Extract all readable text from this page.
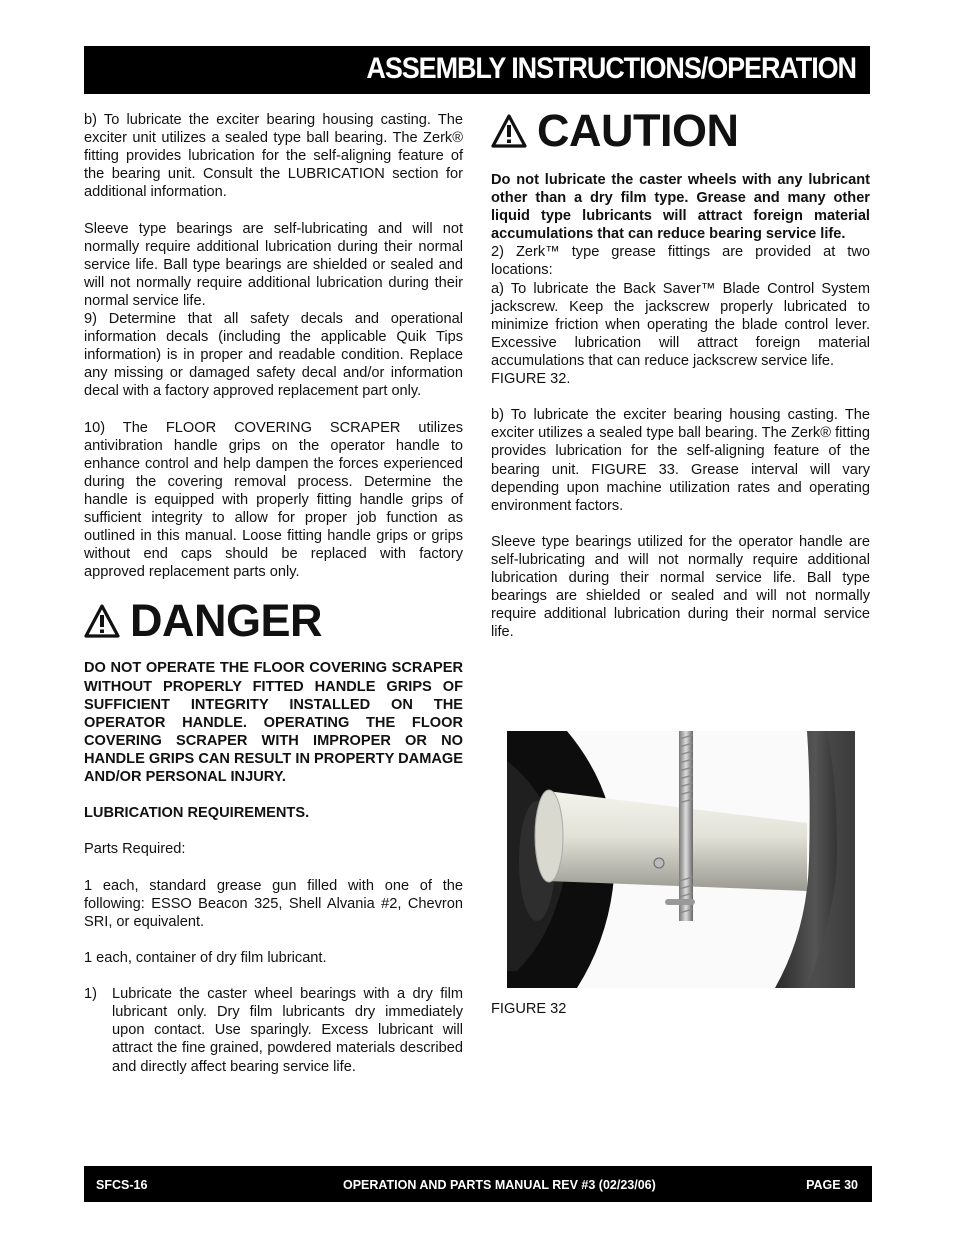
ASSEMBLY INSTRUCTIONS/OPERATION

b) To lubricate the exciter bearing housing casting. The exciter unit utilizes a sealed type ball bearing. The Zerk® fitting provides lubrication for the self-aligning feature of the bearing unit. Consult the LUBRICATION section for additional information.

Sleeve type bearings are self-lubricating and will not normally require additional lubrication during their normal service life. Ball type bearings are shielded or sealed and will not normally require additional lubrication during their normal service life.

9) Determine that all safety decals and operational information decals (including the applicable Quik Tips information) is in proper and readable condition. Replace any missing or damaged safety decal and/or information decal with a factory approved replacement part only.

10) The FLOOR COVERING SCRAPER utilizes antivibration handle grips on the operator handle to enhance control and help dampen the forces experienced during the covering removal process. Determine the handle is equipped with properly fitting handle grips of sufficient integrity to allow for proper job function as outlined in this manual. Loose fitting handle grips or grips without end caps should be replaced with factory approved replacement parts only.

DANGER

DO NOT OPERATE THE FLOOR COVERING SCRAPER WITHOUT PROPERLY FITTED HANDLE GRIPS OF SUFFICIENT INTEGRITY INSTALLED ON THE OPERATOR HANDLE. OPERATING THE FLOOR COVERING SCRAPER WITH IMPROPER OR NO HANDLE GRIPS CAN RESULT IN PROPERTY DAMAGE AND/OR PERSONAL INJURY.

LUBRICATION REQUIREMENTS.

Parts Required:

1 each, standard grease gun filled with one of the following: ESSO Beacon 325, Shell Alvania #2, Chevron SRI, or equivalent.

1 each, container of dry film lubricant.

1)	Lubricate the caster wheel bearings with a dry film lubricant only. Dry film lubricants dry immediately upon contact. Use sparingly. Excess lubricant will attract the fine grained, powdered materials described and directly affect bearing service life.
CAUTION

Do not lubricate the caster wheels with any lubricant other than a dry film type. Grease and many other liquid type lubricants will attract foreign material accumulations that can reduce bearing service life.

2) Zerk™ type grease fittings are provided at two locations:

a) To lubricate the Back Saver™ Blade Control System jackscrew. Keep the jackscrew properly lubricated to minimize friction when operating the blade control lever. Excessive lubrication will attract foreign material accumulations that can reduce jackscrew service life.

FIGURE 32.

b) To lubricate the exciter bearing housing casting. The exciter utilizes a sealed type ball bearing. The Zerk® fitting provides lubrication for the self-aligning feature of the bearing unit. FIGURE 33. Grease interval will vary depending upon machine utilization rates and operating environment factors.

Sleeve type bearings utilized for the operator handle are self-lubricating and will not normally require additional lubrication during their normal service life. Ball type bearings are shielded or sealed and will not normally require additional lubrication during their normal service life.

FIGURE 32
SFCS-16	OPERATION AND PARTS MANUAL REV #3 (02/23/06)	PAGE 30
